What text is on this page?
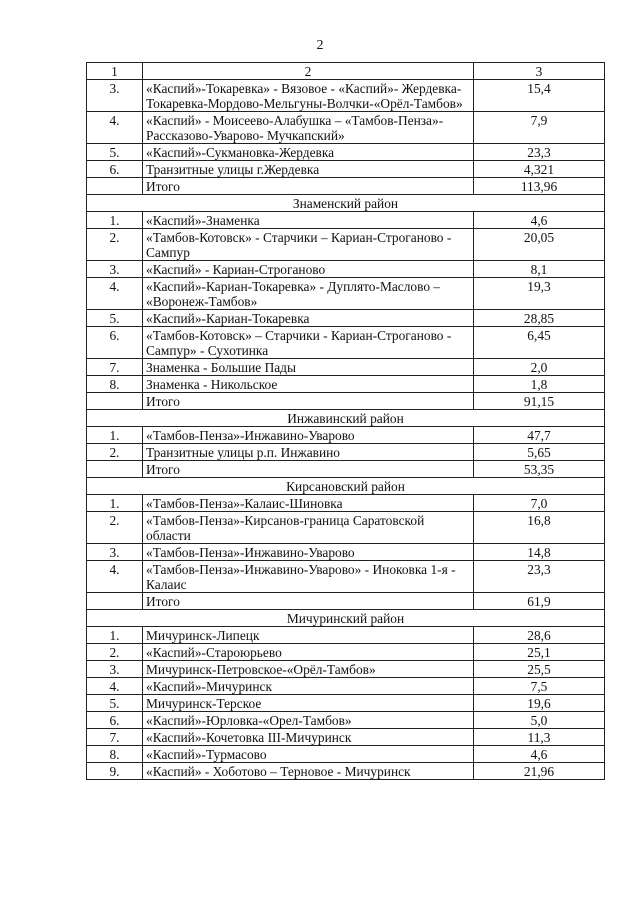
2
1	2	3
3.	«Каспий»-Токаревка» - Вязовое - «Каспий»- Жердевка-Токаревка-Мордово-Мельгуны-Волчки-«Орёл-Тамбов»	15,4
4.	«Каспий» - Моисеево-Алабушка – «Тамбов-Пенза»-Рассказово-Уварово- Мучкапский»	7,9
5.	«Каспий»-Сукмановка-Жердевка	23,3
6.	Транзитные улицы г.Жердевка	4,321
	Итого	113,96
Знаменский район		
1.	«Каспий»-Знаменка	4,6
2.	«Тамбов-Котовск» - Старчики – Кариан-Строганово - Сампур	20,05
3.	«Каспий» - Кариан-Строганово	8,1
4.	«Каспий»-Кариан-Токаревка» - Дуплято-Маслово – «Воронеж-Тамбов»	19,3
5.	«Каспий»-Кариан-Токаревка	28,85
6.	«Тамбов-Котовск» – Старчики - Кариан-Строганово - Сампур» - Сухотинка	6,45
7.	Знаменка - Большие Пады	2,0
8.	Знаменка - Никольское	1,8
	Итого	91,15
Инжавинский район		
1.	«Тамбов-Пенза»-Инжавино-Уварово	47,7
2.	Транзитные улицы р.п. Инжавино	5,65
	Итого	53,35
Кирсановский район		
1.	«Тамбов-Пенза»-Калаис-Шиновка	7,0
2.	«Тамбов-Пенза»-Кирсанов-граница Саратовской области	16,8
3.	«Тамбов-Пенза»-Инжавино-Уварово	14,8
4.	«Тамбов-Пенза»-Инжавино-Уварово» - Иноковка 1-я - Калаис	23,3
	Итого	61,9
Мичуринский район		
1.	Мичуринск-Липецк	28,6
2.	«Каспий»-Староюрьево	25,1
3.	Мичуринск-Петровское-«Орёл-Тамбов»	25,5
4.	«Каспий»-Мичуринск	7,5
5.	Мичуринск-Терское	19,6
6.	«Каспий»-Юрловка-«Орел-Тамбов»	5,0
7.	«Каспий»-Кочетовка III-Мичуринск	11,3
8.	«Каспий»-Турмасово	4,6
9.	«Каспий» - Хоботово – Терновое - Мичуринск	21,96
